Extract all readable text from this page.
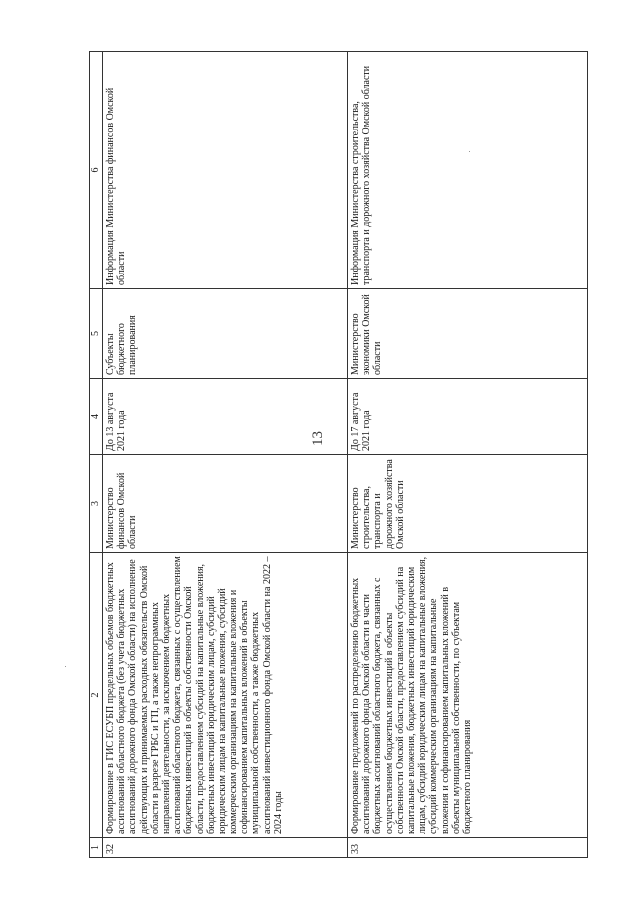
·
·
13
1	2	3	4	5	6
32	Формирование в ГИС ЕСУБП предельных объемов бюджетных ассигнований областного бюджета (без учета бюджетных ассигнований дорожного фонда Омской области) на исполнение действующих и принимаемых расходных обязательств Омской области в разрезе ГРБС и ГП, а также непрограммных направлений деятельности, за исключением бюджетных ассигнований областного бюджета, связанных с осуществлением бюджетных инвестиций в объекты собственности Омской области, предоставлением субсидий на капитальные вложения, бюджетных инвестиций юридическим лицам, субсидий юридическим лицам на капитальные вложения, субсидий коммерческим организациям на капитальные вложения и софинансированием капитальных вложений в объекты муниципальной собственности, а также бюджетных ассигнований инвестиционного фонда Омской области на 2022 – 2024 годы	Министерство финансов Омской области	До 13 августа 2021 года	Субъекты бюджетного планирования	Информация Министерства финансов Омской области
33	Формирование предложений по распределению бюджетных ассигнований дорожного фонда Омской области в части бюджетных ассигнований областного бюджета, связанных с осуществлением бюджетных инвестиций в объекты собственности Омской области, предоставлением субсидий на капитальные вложения, бюджетных инвестиций юридическим лицам, субсидий юридическим лицам на капитальные вложения, субсидий коммерческим организациям на капитальные вложения и софинансированием капитальных вложений в объекты муниципальной собственности, по субъектам бюджетного планирования	Министерство строительства, транспорта и дорожного хозяйства Омской области	До 17 августа 2021 года	Министерство экономики Омской области	Информация Министерства строительства, транспорта и дорожного хозяйства Омской области
